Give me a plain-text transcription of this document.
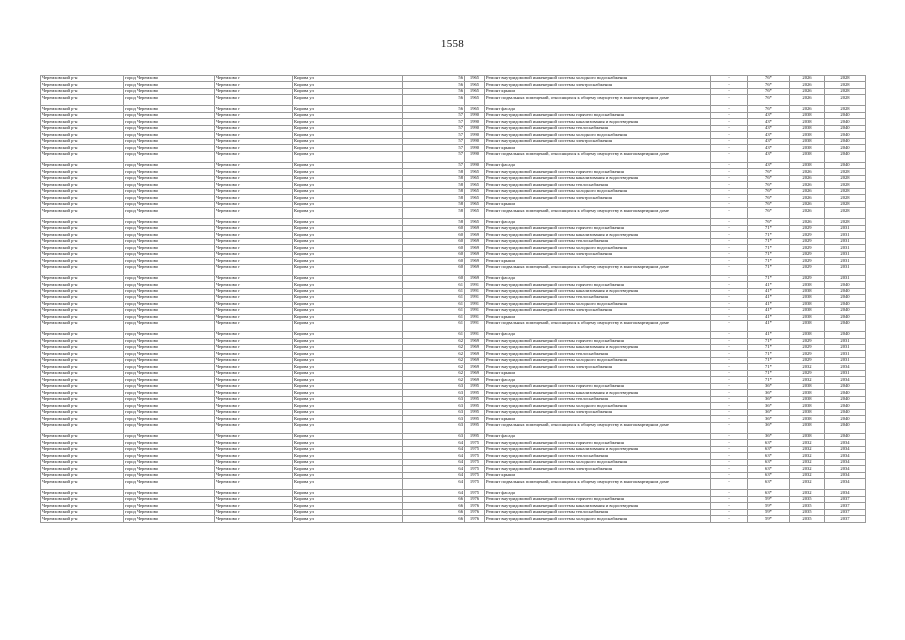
1558
Черемховский р-н	город Черемхово	Черемхово г	Кирова ул	56	1965	Ремонт внутридомовой инженерной системы холодного водоснабжения	-	76*	2026	2028
Черемховский р-н	город Черемхово	Черемхово г	Кирова ул	56	1965	Ремонт внутридомовой инженерной системы электроснабжения	-	76*	2026	2028
Черемховский р-н	город Черемхово	Черемхово г	Кирова ул	56	1965	Ремонт крыши	-	76*	2026	2028
Черемховский р-н	город Черемхово	Черемхово г	Кирова ул	56	1965	Ремонт подвальных помещений, относящихся к общему имуществу в многоквартирном доме	-	76*	2026	2028
Черемховский р-н	город Черемхово	Черемхово г	Кирова ул	56	1965	Ремонт фасада	-	76*	2026	2028
Черемховский р-н	город Черемхово	Черемхово г	Кирова ул	57	1990	Ремонт внутридомовой инженерной системы горячего водоснабжения	-	43*	2038	2040
Черемховский р-н	город Черемхово	Черемхово г	Кирова ул	57	1990	Ремонт внутридомовой инженерной системы канализования и водоотведения	-	43*	2038	2040
Черемховский р-н	город Черемхово	Черемхово г	Кирова ул	57	1990	Ремонт внутридомовой инженерной системы теплоснабжения	-	43*	2038	2040
Черемховский р-н	город Черемхово	Черемхово г	Кирова ул	57	1990	Ремонт внутридомовой инженерной системы холодного водоснабжения	-	43*	2038	2040
Черемховский р-н	город Черемхово	Черемхово г	Кирова ул	57	1990	Ремонт внутридомовой инженерной системы электроснабжения	-	43*	2038	2040
Черемховский р-н	город Черемхово	Черемхово г	Кирова ул	57	1990	Ремонт крыши	-	43*	2038	2040
Черемховский р-н	город Черемхово	Черемхово г	Кирова ул	57	1990	Ремонт подвальных помещений, относящихся к общему имуществу в многоквартирном доме	-	43*	2038	2040
Черемховский р-н	город Черемхово	Черемхово г	Кирова ул	57	1990	Ремонт фасада	-	43*	2038	2040
Черемховский р-н	город Черемхово	Черемхово г	Кирова ул	58	1965	Ремонт внутридомовой инженерной системы горячего водоснабжения	-	76*	2026	2028
Черемховский р-н	город Черемхово	Черемхово г	Кирова ул	58	1965	Ремонт внутридомовой инженерной системы канализования и водоотведения	-	76*	2026	2028
Черемховский р-н	город Черемхово	Черемхово г	Кирова ул	58	1965	Ремонт внутридомовой инженерной системы теплоснабжения	-	76*	2026	2028
Черемховский р-н	город Черемхово	Черемхово г	Кирова ул	58	1965	Ремонт внутридомовой инженерной системы холодного водоснабжения	-	76*	2026	2028
Черемховский р-н	город Черемхово	Черемхово г	Кирова ул	58	1965	Ремонт внутридомовой инженерной системы электроснабжения	-	76*	2026	2028
Черемховский р-н	город Черемхово	Черемхово г	Кирова ул	58	1965	Ремонт крыши	-	76*	2026	2028
Черемховский р-н	город Черемхово	Черемхово г	Кирова ул	58	1965	Ремонт подвальных помещений, относящихся к общему имуществу в многоквартирном доме	-	76*	2026	2028
Черемховский р-н	город Черемхово	Черемхово г	Кирова ул	58	1965	Ремонт фасада	-	76*	2026	2028
Черемховский р-н	город Черемхово	Черемхово г	Кирова ул	60	1969	Ремонт внутридомовой инженерной системы горячего водоснабжения	-	71*	2029	2031
Черемховский р-н	город Черемхово	Черемхово г	Кирова ул	60	1969	Ремонт внутридомовой инженерной системы канализования и водоотведения	-	71*	2029	2031
Черемховский р-н	город Черемхово	Черемхово г	Кирова ул	60	1969	Ремонт внутридомовой инженерной системы теплоснабжения	-	71*	2029	2031
Черемховский р-н	город Черемхово	Черемхово г	Кирова ул	60	1969	Ремонт внутридомовой инженерной системы холодного водоснабжения	-	71*	2029	2031
Черемховский р-н	город Черемхово	Черемхово г	Кирова ул	60	1969	Ремонт внутридомовой инженерной системы электроснабжения	-	71*	2029	2031
Черемховский р-н	город Черемхово	Черемхово г	Кирова ул	60	1969	Ремонт крыши	-	71*	2029	2031
Черемховский р-н	город Черемхово	Черемхово г	Кирова ул	60	1969	Ремонт подвальных помещений, относящихся к общему имуществу в многоквартирном доме	-	71*	2029	2031
Черемховский р-н	город Черемхово	Черемхово г	Кирова ул	60	1969	Ремонт фасада	-	71*	2029	2031
Черемховский р-н	город Черемхово	Черемхово г	Кирова ул	61	1991	Ремонт внутридомовой инженерной системы горячего водоснабжения	-	41*	2038	2040
Черемховский р-н	город Черемхово	Черемхово г	Кирова ул	61	1991	Ремонт внутридомовой инженерной системы канализования и водоотведения	-	41*	2038	2040
Черемховский р-н	город Черемхово	Черемхово г	Кирова ул	61	1991	Ремонт внутридомовой инженерной системы теплоснабжения	-	41*	2038	2040
Черемховский р-н	город Черемхово	Черемхово г	Кирова ул	61	1991	Ремонт внутридомовой инженерной системы холодного водоснабжения	-	41*	2038	2040
Черемховский р-н	город Черемхово	Черемхово г	Кирова ул	61	1991	Ремонт внутридомовой инженерной системы электроснабжения	-	41*	2038	2040
Черемховский р-н	город Черемхово	Черемхово г	Кирова ул	61	1991	Ремонт крыши	-	41*	2038	2040
Черемховский р-н	город Черемхово	Черемхово г	Кирова ул	61	1991	Ремонт подвальных помещений, относящихся к общему имуществу в многоквартирном доме	-	41*	2038	2040
Черемховский р-н	город Черемхово	Черемхово г	Кирова ул	61	1991	Ремонт фасада	-	41*	2038	2040
Черемховский р-н	город Черемхово	Черемхово г	Кирова ул	62	1969	Ремонт внутридомовой инженерной системы горячего водоснабжения	-	71*	2029	2031
Черемховский р-н	город Черемхово	Черемхово г	Кирова ул	62	1969	Ремонт внутридомовой инженерной системы канализования и водоотведения	-	71*	2029	2031
Черемховский р-н	город Черемхово	Черемхово г	Кирова ул	62	1969	Ремонт внутридомовой инженерной системы теплоснабжения	-	71*	2029	2031
Черемховский р-н	город Черемхово	Черемхово г	Кирова ул	62	1969	Ремонт внутридомовой инженерной системы холодного водоснабжения	-	71*	2029	2031
Черемховский р-н	город Черемхово	Черемхово г	Кирова ул	62	1969	Ремонт внутридомовой инженерной системы электроснабжения	-	71*	2032	2034
Черемховский р-н	город Черемхово	Черемхово г	Кирова ул	62	1969	Ремонт крыши	-	71*	2029	2031
Черемховский р-н	город Черемхово	Черемхово г	Кирова ул	62	1969	Ремонт фасада	-	71*	2032	2034
Черемховский р-н	город Черемхово	Черемхово г	Кирова ул	63	1995	Ремонт внутридомовой инженерной системы горячего водоснабжения	-	36*	2038	2040
Черемховский р-н	город Черемхово	Черемхово г	Кирова ул	63	1995	Ремонт внутридомовой инженерной системы канализования и водоотведения	-	36*	2038	2040
Черемховский р-н	город Черемхово	Черемхово г	Кирова ул	63	1995	Ремонт внутридомовой инженерной системы теплоснабжения	-	36*	2038	2040
Черемховский р-н	город Черемхово	Черемхово г	Кирова ул	63	1995	Ремонт внутридомовой инженерной системы холодного водоснабжения	-	36*	2038	2040
Черемховский р-н	город Черемхово	Черемхово г	Кирова ул	63	1995	Ремонт внутридомовой инженерной системы электроснабжения	-	36*	2038	2040
Черемховский р-н	город Черемхово	Черемхово г	Кирова ул	63	1995	Ремонт крыши	-	36*	2038	2040
Черемховский р-н	город Черемхово	Черемхово г	Кирова ул	63	1995	Ремонт подвальных помещений, относящихся к общему имуществу в многоквартирном доме	-	36*	2038	2040
Черемховский р-н	город Черемхово	Черемхово г	Кирова ул	63	1995	Ремонт фасада	-	36*	2038	2040
Черемховский р-н	город Черемхово	Черемхово г	Кирова ул	64	1975	Ремонт внутридомовой инженерной системы горячего водоснабжения	-	63*	2032	2034
Черемховский р-н	город Черемхово	Черемхово г	Кирова ул	64	1975	Ремонт внутридомовой инженерной системы канализования и водоотведения	-	63*	2032	2034
Черемховский р-н	город Черемхово	Черемхово г	Кирова ул	64	1975	Ремонт внутридомовой инженерной системы теплоснабжения	-	63*	2032	2034
Черемховский р-н	город Черемхово	Черемхово г	Кирова ул	64	1975	Ремонт внутридомовой инженерной системы холодного водоснабжения	-	63*	2032	2034
Черемховский р-н	город Черемхово	Черемхово г	Кирова ул	64	1975	Ремонт внутридомовой инженерной системы электроснабжения	-	63*	2032	2034
Черемховский р-н	город Черемхово	Черемхово г	Кирова ул	64	1975	Ремонт крыши	-	63*	2032	2034
Черемховский р-н	город Черемхово	Черемхово г	Кирова ул	64	1975	Ремонт подвальных помещений, относящихся к общему имуществу в многоквартирном доме	-	63*	2032	2034
Черемховский р-н	город Черемхово	Черемхово г	Кирова ул	64	1975	Ремонт фасада	-	63*	2032	2034
Черемховский р-н	город Черемхово	Черемхово г	Кирова ул	66	1976	Ремонт внутридомовой инженерной системы горячего водоснабжения	-	59*	2035	2037
Черемховский р-н	город Черемхово	Черемхово г	Кирова ул	66	1976	Ремонт внутридомовой инженерной системы канализования и водоотведения	-	59*	2035	2037
Черемховский р-н	город Черемхово	Черемхово г	Кирова ул	66	1976	Ремонт внутридомовой инженерной системы теплоснабжения	-	59*	2035	2037
Черемховский р-н	город Черемхово	Черемхово г	Кирова ул	66	1976	Ремонт внутридомовой инженерной системы холодного водоснабжения	-	59*	2035	2037
